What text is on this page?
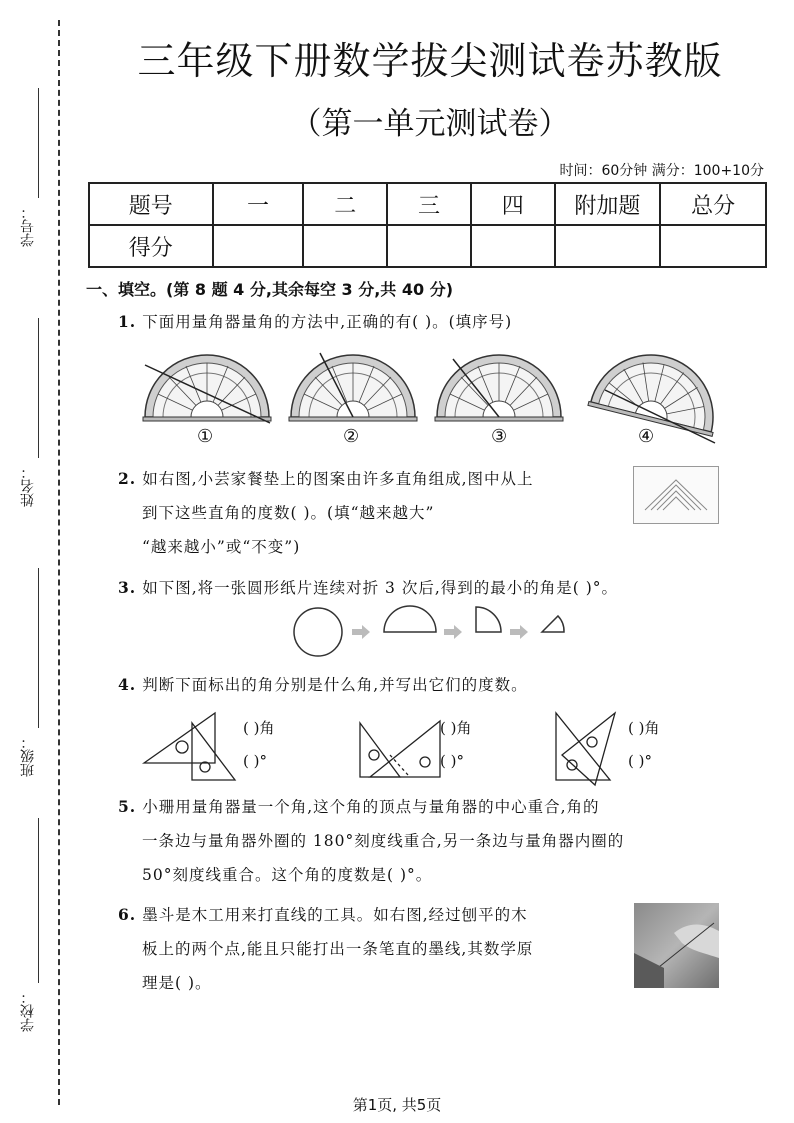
学号：
姓名：
班级：
学校：
三年级下册数学拔尖测试卷苏教版
（第一单元测试卷）
时间：60分钟 满分：100+10分
题号	一	二	三	四	附加题	总分
得分						
一、填空。(第 8 题 4 分,其余每空 3 分,共 40 分)
1. 下面用量角器量角的方法中,正确的有( )。(填序号)
①	②	③	④
2. 如右图,小芸家餐垫上的图案由许多直角组成,图中从上
到下这些直角的度数( )。(填“越来越大”
“越来越小”或“不变”)
3. 如下图,将一张圆形纸片连续对折 3 次后,得到的最小的角是( )°。
4. 判断下面标出的角分别是什么角,并写出它们的度数。
( )角
( )°
( )角
( )°
( )角
( )°
5. 小珊用量角器量一个角,这个角的顶点与量角器的中心重合,角的
一条边与量角器外圈的 180°刻度线重合,另一条边与量角器内圈的
50°刻度线重合。这个角的度数是( )°。
6. 墨斗是木工用来打直线的工具。如右图,经过刨平的木
板上的两个点,能且只能打出一条笔直的墨线,其数学原
理是( )。
第1页, 共5页
